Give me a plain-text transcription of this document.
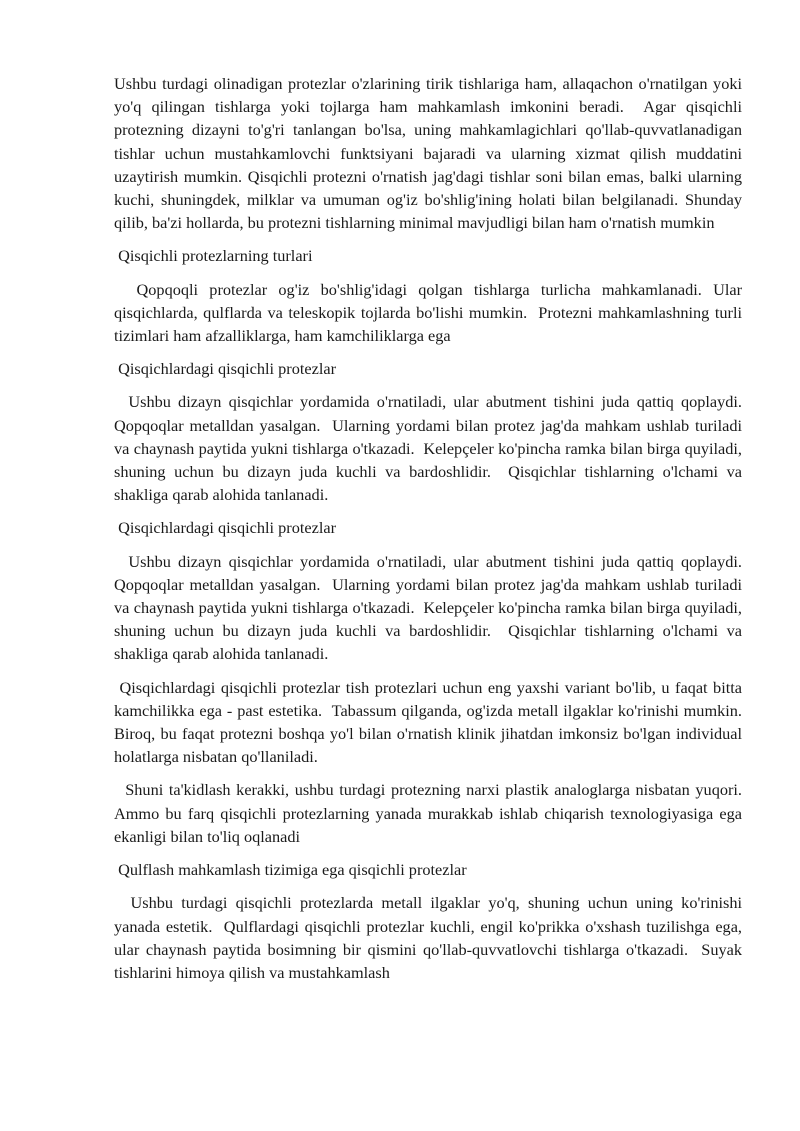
Ushbu turdagi olinadigan protezlar o'zlarining tirik tishlariga ham, allaqachon o'rnatilgan yoki yo'q qilingan tishlarga yoki tojlarga ham mahkamlash imkonini beradi.  Agar qisqichli protezning dizayni to'g'ri tanlangan bo'lsa, uning mahkamlagichlari qo'llab-quvvatlanadigan tishlar uchun mustahkamlovchi funktsiyani bajaradi va ularning xizmat qilish muddatini uzaytirish mumkin. Qisqichli protezni o'rnatish jag'dagi tishlar soni bilan emas, balki ularning kuchi, shuningdek, milklar va umuman og'iz bo'shlig'ining holati bilan belgilanadi. Shunday qilib, ba'zi hollarda, bu protezni tishlarning minimal mavjudligi bilan ham o'rnatish mumkin

Qisqichli protezlarning turlari

Qopqoqli protezlar og'iz bo'shlig'idagi qolgan tishlarga turlicha mahkamlanadi. Ular qisqichlarda, qulflarda va teleskopik tojlarda bo'lishi mumkin.  Protezni mahkamlashning turli tizimlari ham afzalliklarga, ham kamchiliklarga ega

Qisqichlardagi qisqichli protezlar

Ushbu dizayn qisqichlar yordamida o'rnatiladi, ular abutment tishini juda qattiq qoplaydi.  Qopqoqlar metalldan yasalgan.  Ularning yordami bilan protez jag'da mahkam ushlab turiladi va chaynash paytida yukni tishlarga o'tkazadi.  Kelepçeler ko'pincha ramka bilan birga quyiladi, shuning uchun bu dizayn juda kuchli va bardoshlidir.  Qisqichlar tishlarning o'lchami va shakliga qarab alohida tanlanadi.

Qisqichlardagi qisqichli protezlar

Ushbu dizayn qisqichlar yordamida o'rnatiladi, ular abutment tishini juda qattiq qoplaydi.  Qopqoqlar metalldan yasalgan.  Ularning yordami bilan protez jag'da mahkam ushlab turiladi va chaynash paytida yukni tishlarga o'tkazadi.  Kelepçeler ko'pincha ramka bilan birga quyiladi, shuning uchun bu dizayn juda kuchli va bardoshlidir.  Qisqichlar tishlarning o'lchami va shakliga qarab alohida tanlanadi.

Qisqichlardagi qisqichli protezlar tish protezlari uchun eng yaxshi variant bo'lib, u faqat bitta kamchilikka ega - past estetika.  Tabassum qilganda, og'izda metall ilgaklar ko'rinishi mumkin.  Biroq, bu faqat protezni boshqa yo'l bilan o'rnatish klinik jihatdan imkonsiz bo'lgan individual holatlarga nisbatan qo'llaniladi.

Shuni ta'kidlash kerakki, ushbu turdagi protezning narxi plastik analoglarga nisbatan yuqori.  Ammo bu farq qisqichli protezlarning yanada murakkab ishlab chiqarish texnologiyasiga ega ekanligi bilan to'liq oqlanadi

Qulflash mahkamlash tizimiga ega qisqichli protezlar

Ushbu turdagi qisqichli protezlarda metall ilgaklar yo'q, shuning uchun uning ko'rinishi yanada estetik.  Qulflardagi qisqichli protezlar kuchli, engil ko'prikka o'xshash tuzilishga ega, ular chaynash paytida bosimning bir qismini qo'llab-quvvatlovchi tishlarga o'tkazadi.  Suyak tishlarini himoya qilish va mustahkamlash
